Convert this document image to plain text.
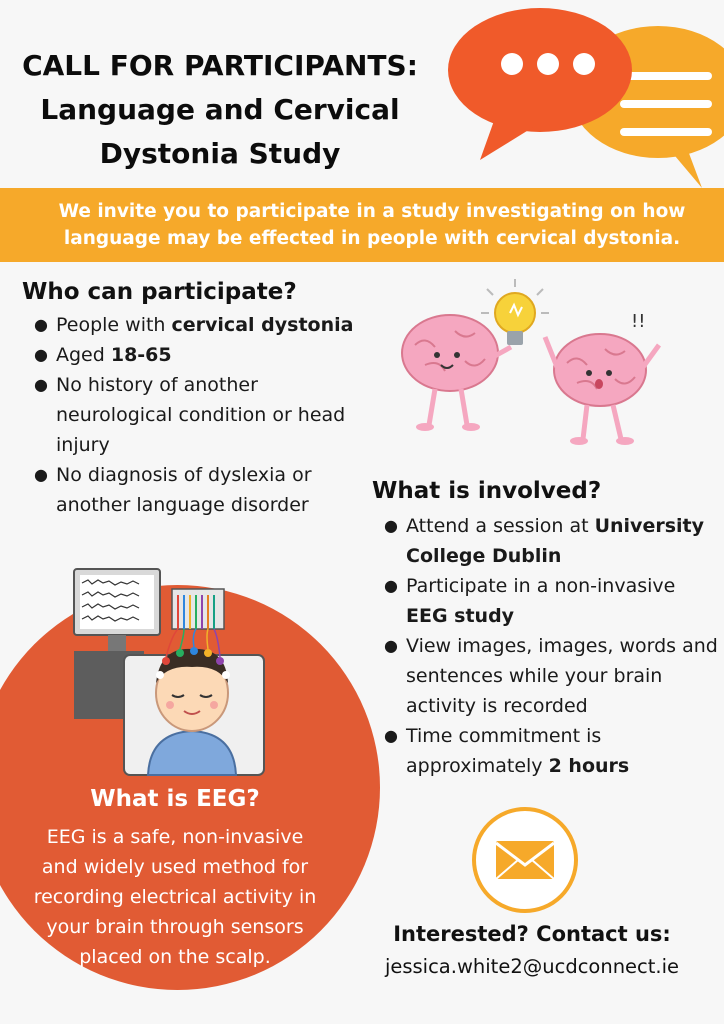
CALL FOR PARTICIPANTS:
Language and Cervical
Dystonia Study
We invite you to participate in a study investigating on how
language may be effected in people with cervical dystonia.
Who can participate?
● People with cervical dystonia
● Aged 18-65
● No history of another neurological condition or head injury
● No diagnosis of dyslexia or another language disorder
!!
What is involved?
● Attend a session at University College Dublin
● Participate in a non-invasive EEG study
● View images, images, words and sentences while your brain activity is recorded
● Time commitment is approximately 2 hours
What is EEG?
EEG is a safe, non-invasive
and widely used method for
recording electrical activity in
your brain through sensors
placed on the scalp.
Interested? Contact us:
jessica.white2@ucdconnect.ie
